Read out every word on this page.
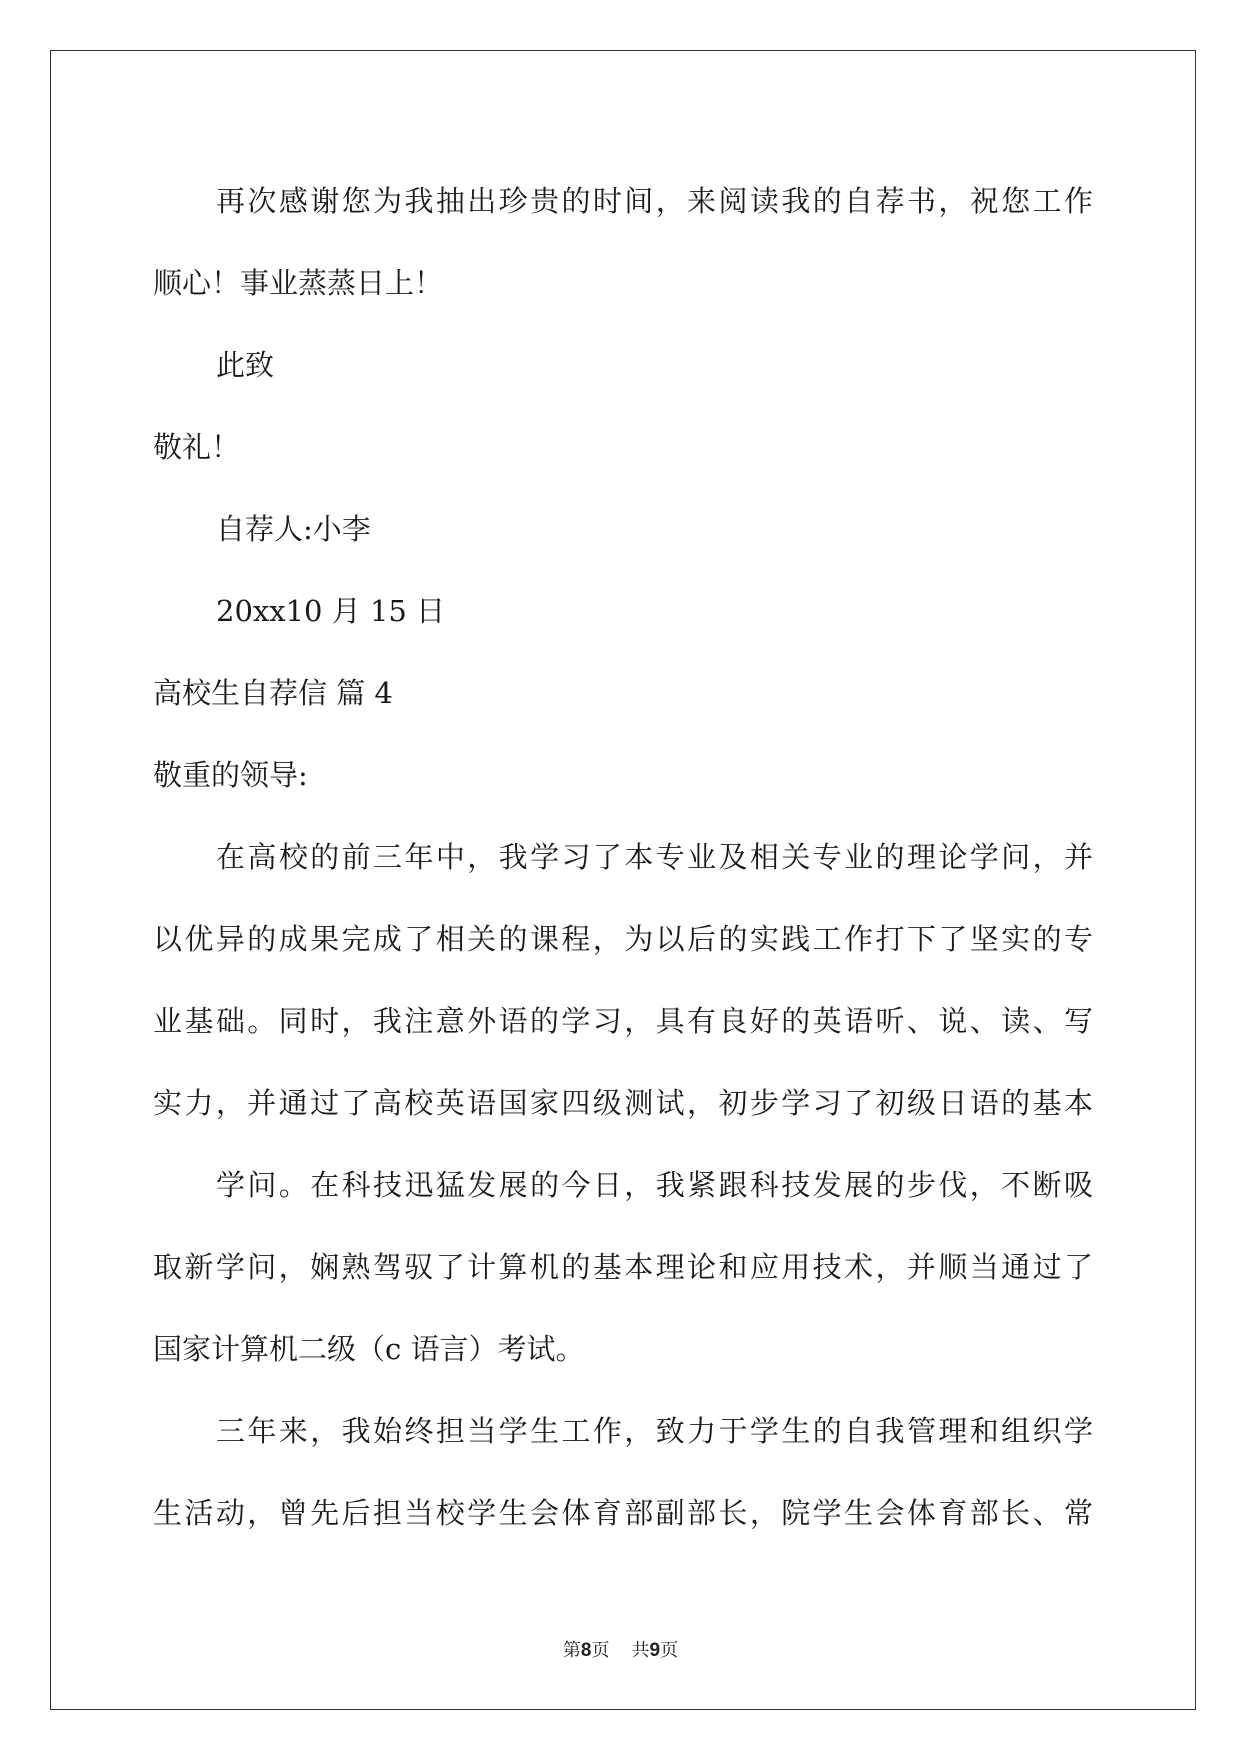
再次感谢您为我抽出珍贵的时间，来阅读我的自荐书，祝您工作
顺心！事业蒸蒸日上！
此致
敬礼！
自荐人:小李
20xx10 月 15 日
高校生自荐信 篇 4
敬重的领导:
在高校的前三年中，我学习了本专业及相关专业的理论学问，并
以优异的成果完成了相关的课程，为以后的实践工作打下了坚实的专
业基础。同时，我注意外语的学习，具有良好的英语听、说、读、写
实力，并通过了高校英语国家四级测试，初步学习了初级日语的基本
学问。在科技迅猛发展的今日，我紧跟科技发展的步伐，不断吸
取新学问，娴熟驾驭了计算机的基本理论和应用技术，并顺当通过了
国家计算机二级（c 语言）考试。
三年来，我始终担当学生工作，致力于学生的自我管理和组织学
生活动，曾先后担当校学生会体育部副部长，院学生会体育部长、常
第8页 共9页
